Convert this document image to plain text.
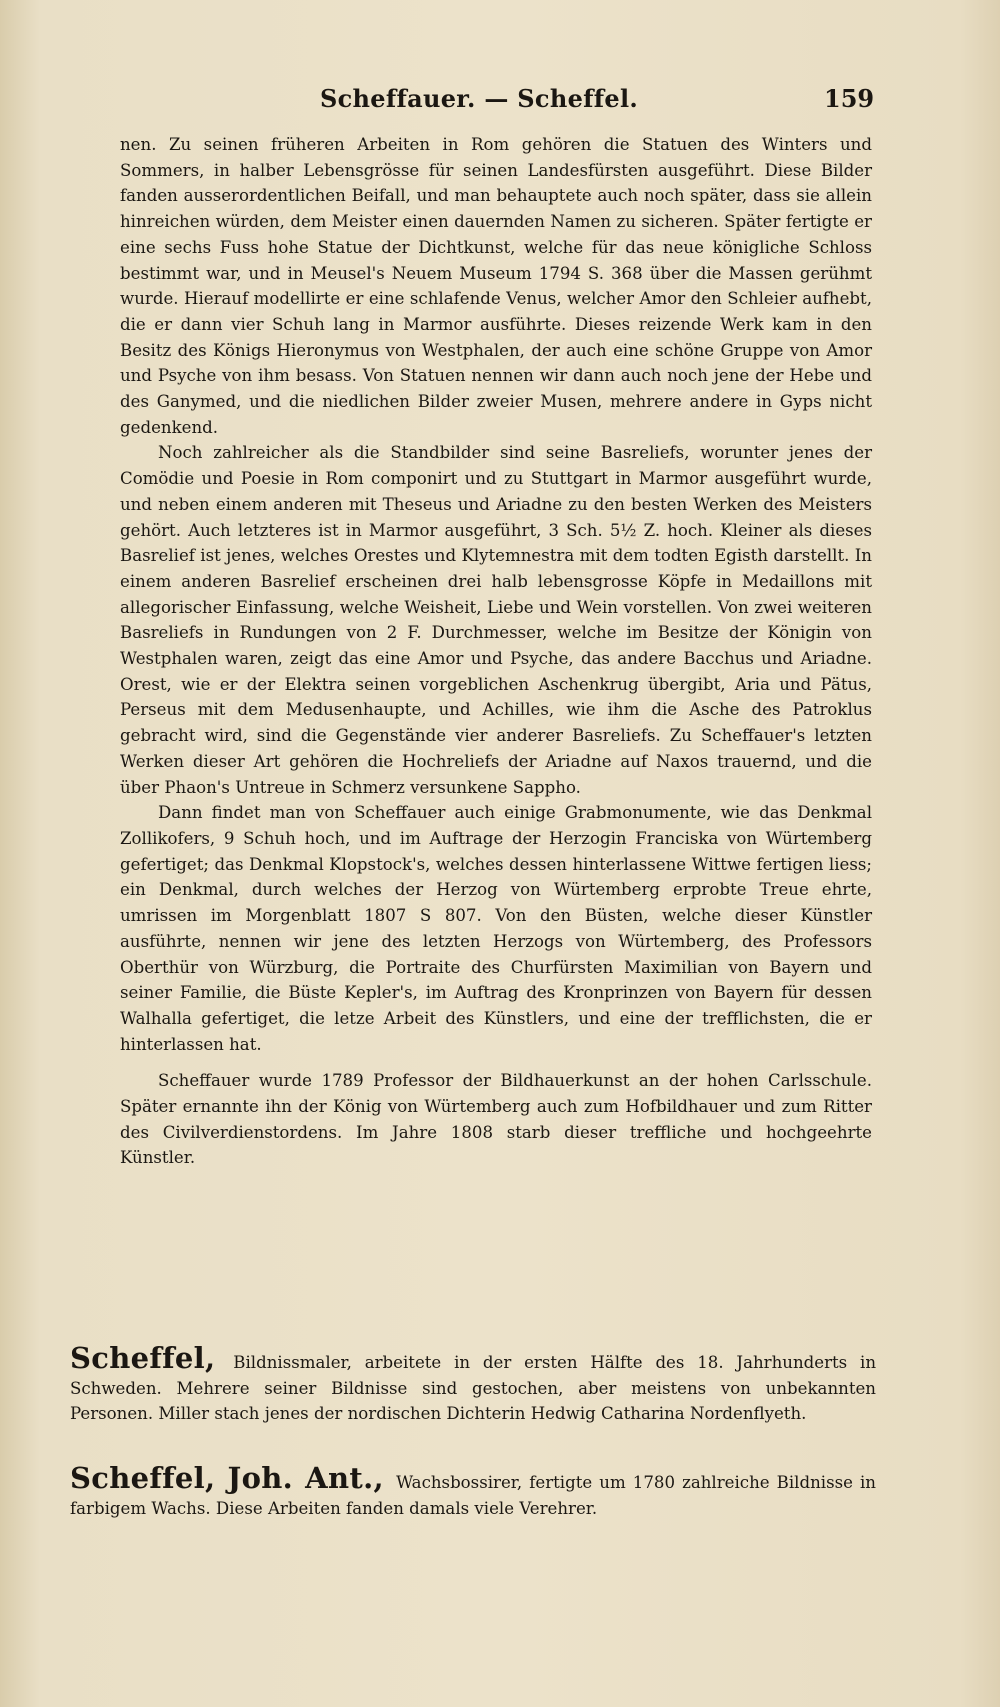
Scheffauer. — Scheffel.	159

nen. Zu seinen früheren Arbeiten in Rom gehören die Statuen des Winters und Sommers, in halber Lebensgrösse für seinen Landesfürsten ausgeführt. Diese Bilder fanden ausserordentlichen Beifall, und man behauptete auch noch später, dass sie allein hinreichen würden, dem Meister einen dauernden Namen zu sicheren. Später fertigte er eine sechs Fuss hohe Statue der Dichtkunst, welche für das neue königliche Schloss bestimmt war, und in Meusel's Neuem Museum 1794 S. 368 über die Massen gerühmt wurde. Hierauf modellirte er eine schlafende Venus, welcher Amor den Schleier aufhebt, die er dann vier Schuh lang in Marmor ausführte. Dieses reizende Werk kam in den Besitz des Königs Hieronymus von Westphalen, der auch eine schöne Gruppe von Amor und Psyche von ihm besass. Von Statuen nennen wir dann auch noch jene der Hebe und des Ganymed, und die niedlichen Bilder zweier Musen, mehrere andere in Gyps nicht gedenkend.

Noch zahlreicher als die Standbilder sind seine Basreliefs, worunter jenes der Comödie und Poesie in Rom componirt und zu Stuttgart in Marmor ausgeführt wurde, und neben einem anderen mit Theseus und Ariadne zu den besten Werken des Meisters gehört. Auch letzteres ist in Marmor ausgeführt, 3 Sch. 5½ Z. hoch. Kleiner als dieses Basrelief ist jenes, welches Orestes und Klytemnestra mit dem todten Egisth darstellt. In einem anderen Basrelief erscheinen drei halb lebensgrosse Köpfe in Medaillons mit allegorischer Einfassung, welche Weisheit, Liebe und Wein vorstellen. Von zwei weiteren Basreliefs in Rundungen von 2 F. Durchmesser, welche im Besitze der Königin von Westphalen waren, zeigt das eine Amor und Psyche, das andere Bacchus und Ariadne. Orest, wie er der Elektra seinen vorgeblichen Aschenkrug übergibt, Aria und Pätus, Perseus mit dem Medusenhaupte, und Achilles, wie ihm die Asche des Patroklus gebracht wird, sind die Gegenstände vier anderer Basreliefs. Zu Scheffauer's letzten Werken dieser Art gehören die Hochreliefs der Ariadne auf Naxos trauernd, und die über Phaon's Untreue in Schmerz versunkene Sappho.

Dann findet man von Scheffauer auch einige Grabmonumente, wie das Denkmal Zollikofers, 9 Schuh hoch, und im Auftrage der Herzogin Franciska von Würtemberg gefertiget; das Denkmal Klopstock's, welches dessen hinterlassene Wittwe fertigen liess; ein Denkmal, durch welches der Herzog von Würtemberg erprobte Treue ehrte, umrissen im Morgenblatt 1807 S 807. Von den Büsten, welche dieser Künstler ausführte, nennen wir jene des letzten Herzogs von Würtemberg, des Professors Oberthür von Würzburg, die Portraite des Churfürsten Maximilian von Bayern und seiner Familie, die Büste Kepler's, im Auftrag des Kronprinzen von Bayern für dessen Walhalla gefertiget, die letze Arbeit des Künstlers, und eine der trefflichsten, die er hinterlassen hat.

Scheffauer wurde 1789 Professor der Bildhauerkunst an der hohen Carlsschule. Später ernannte ihn der König von Würtemberg auch zum Hofbildhauer und zum Ritter des Civilverdienstordens. Im Jahre 1808 starb dieser treffliche und hochgeehrte Künstler.

Scheffel, Bildnissmaler, arbeitete in der ersten Hälfte des 18. Jahrhunderts in Schweden. Mehrere seiner Bildnisse sind gestochen, aber meistens von unbekannten Personen. Miller stach jenes der nordischen Dichterin Hedwig Catharina Nordenflyeth.
Scheffel, Joh. Ant., Wachsbossirer, fertigte um 1780 zahlreiche Bildnisse in farbigem Wachs. Diese Arbeiten fanden damals viele Verehrer.
